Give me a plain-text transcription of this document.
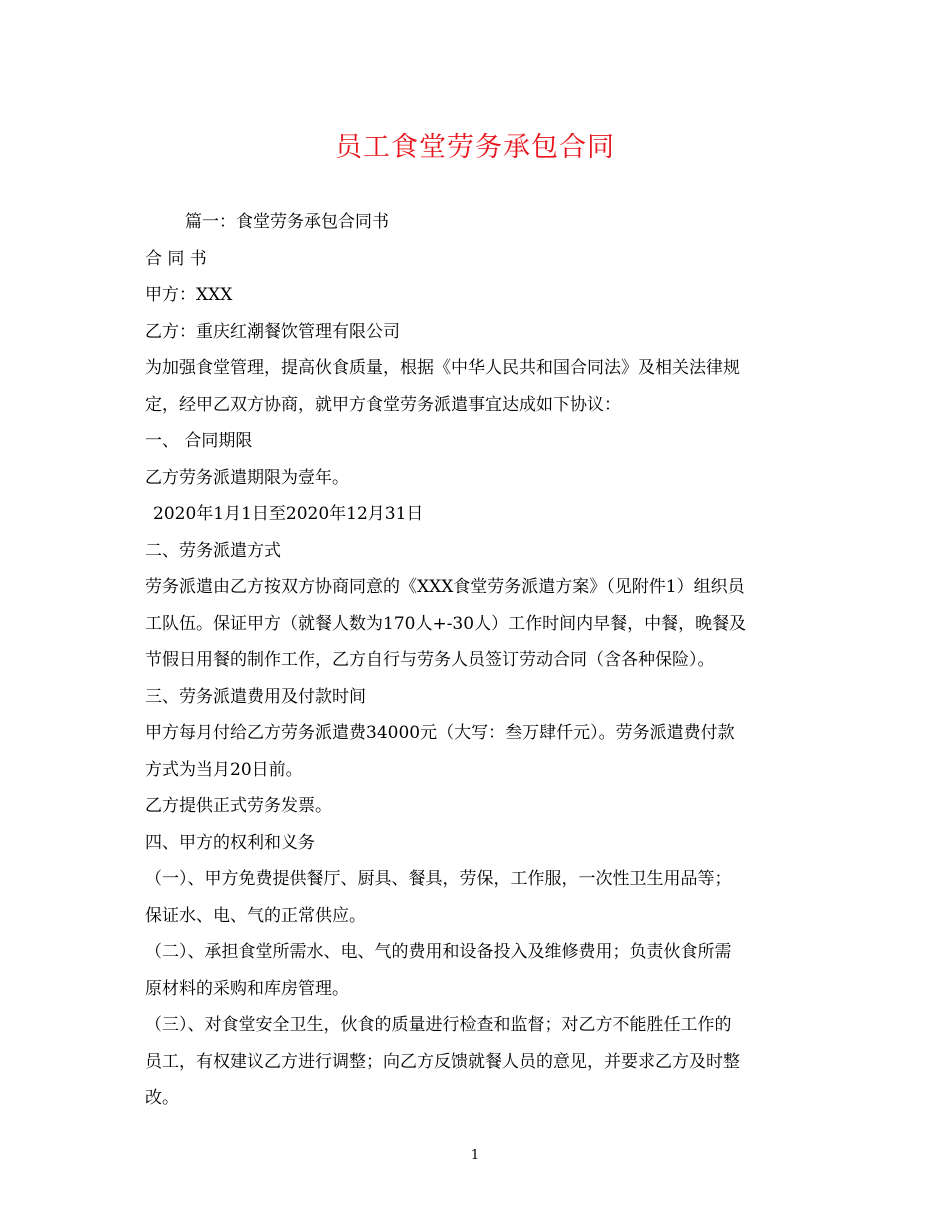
员工食堂劳务承包合同

篇一：食堂劳务承包合同书

合 同 书

甲方：XXX

乙方：重庆红潮餐饮管理有限公司

为加强食堂管理，提高伙食质量，根据《中华人民共和国合同法》及相关法律规

定，经甲乙双方协商，就甲方食堂劳务派遣事宜达成如下协议：

一、 合同期限

乙方劳务派遣期限为壹年。

2020年1月1日至2020年12月31日

二、劳务派遣方式

劳务派遣由乙方按双方协商同意的《XXX食堂劳务派遣方案》（见附件1）组织员

工队伍。保证甲方（就餐人数为170人+-30人）工作时间内早餐，中餐，晚餐及

节假日用餐的制作工作，乙方自行与劳务人员签订劳动合同（含各种保险）。

三、劳务派遣费用及付款时间

甲方每月付给乙方劳务派遣费34000元（大写：叁万肆仟元）。劳务派遣费付款

方式为当月20日前。

乙方提供正式劳务发票。

四、甲方的权利和义务

（一）、甲方免费提供餐厅、厨具、餐具，劳保，工作服，一次性卫生用品等；

保证水、电、气的正常供应。

（二）、承担食堂所需水、电、气的费用和设备投入及维修费用；负责伙食所需

原材料的采购和库房管理。

（三）、对食堂安全卫生，伙食的质量进行检查和监督；对乙方不能胜任工作的

员工，有权建议乙方进行调整；向乙方反馈就餐人员的意见，并要求乙方及时整

改。

1
